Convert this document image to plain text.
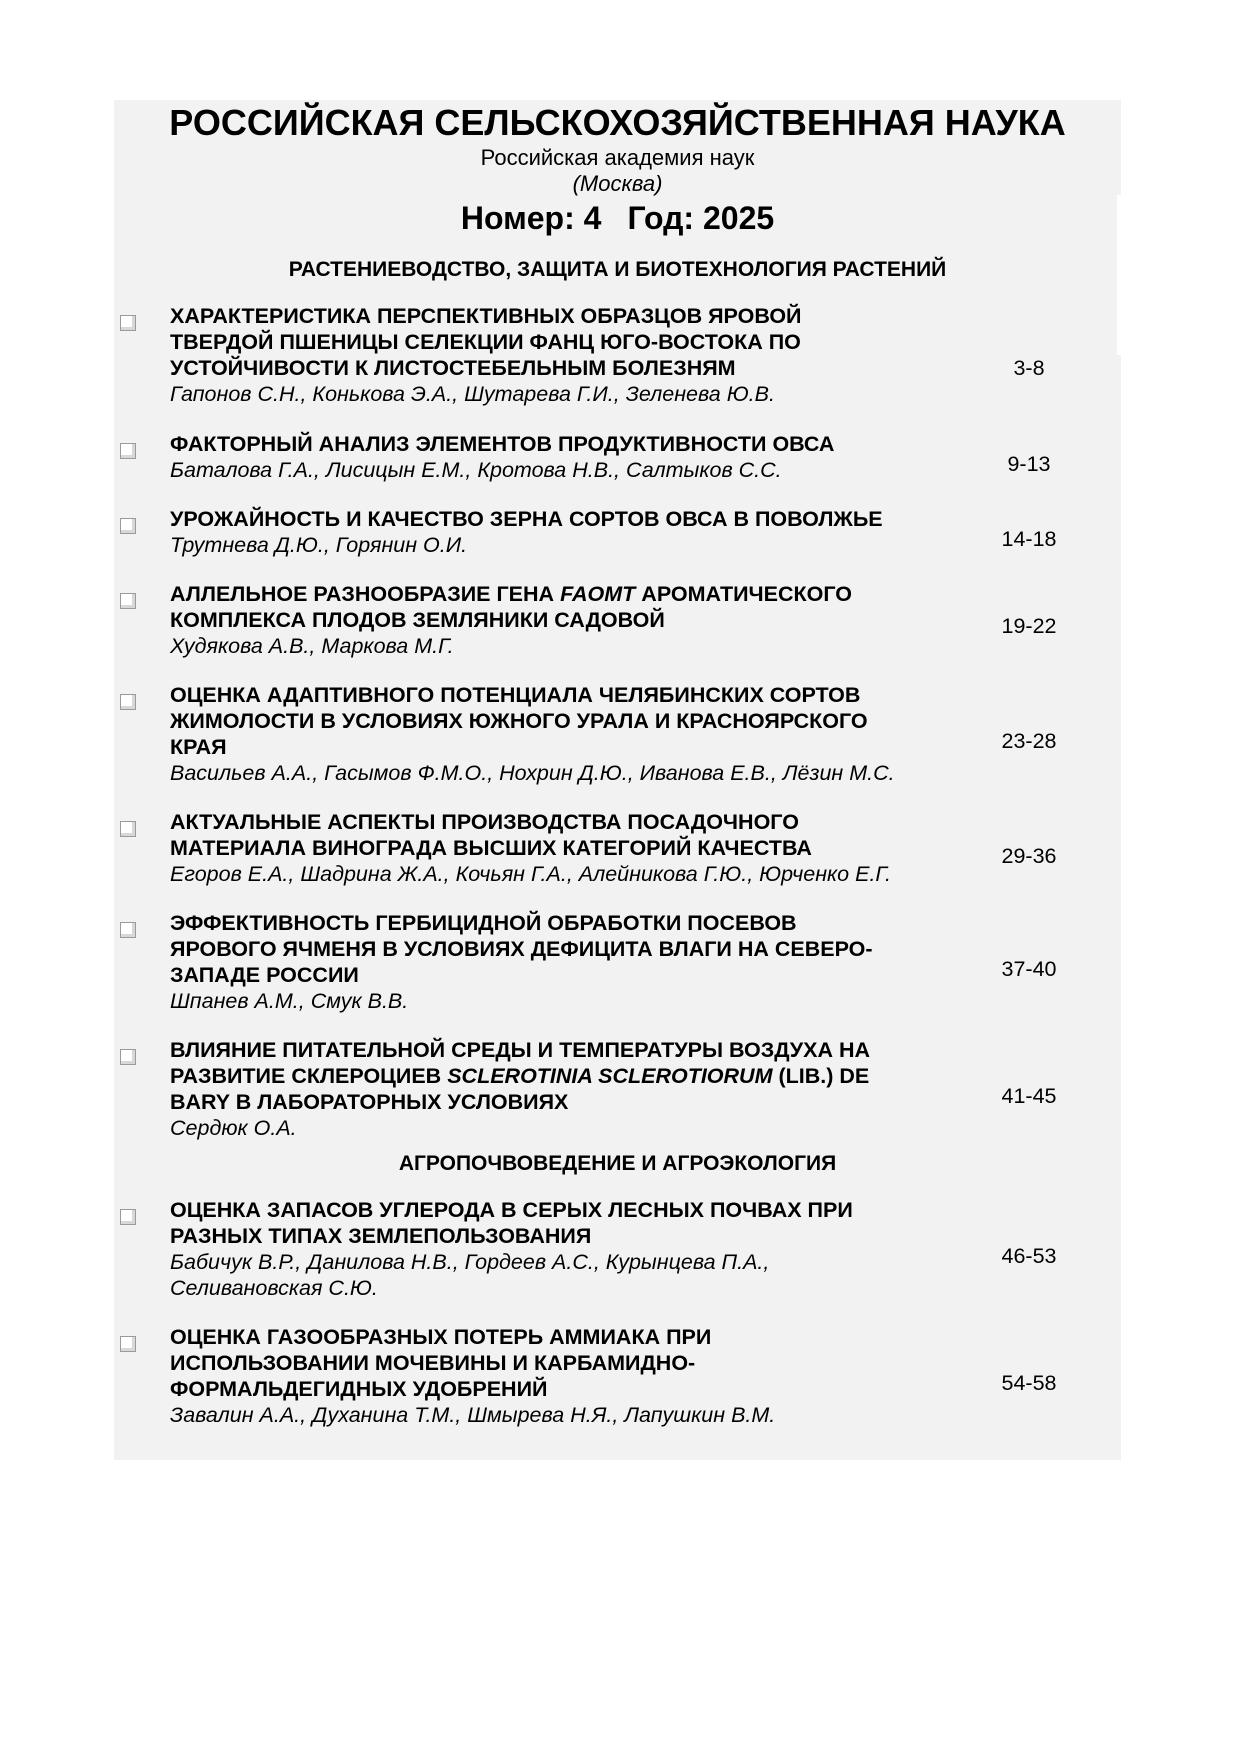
РОССИЙСКАЯ СЕЛЬСКОХОЗЯЙСТВЕННАЯ НАУКА
Российская академия наук
(Москва)
Номер: 4 Год: 2025
РАСТЕНИЕВОДСТВО, ЗАЩИТА И БИОТЕХНОЛОГИЯ РАСТЕНИЙ
ХАРАКТЕРИСТИКА ПЕРСПЕКТИВНЫХ ОБРАЗЦОВ ЯРОВОЙ
ТВЕРДОЙ ПШЕНИЦЫ СЕЛЕКЦИИ ФАНЦ ЮГО-ВОСТОКА ПО
УСТОЙЧИВОСТИ К ЛИСТОСТЕБЕЛЬНЫМ БОЛЕЗНЯМ
Гапонов С.Н., Конькова Э.А., Шутарева Г.И., Зеленева Ю.В.
3-8
ФАКТОРНЫЙ АНАЛИЗ ЭЛЕМЕНТОВ ПРОДУКТИВНОСТИ ОВСА
Баталова Г.А., Лисицын Е.М., Кротова Н.В., Салтыков С.С.	9-13
УРОЖАЙНОСТЬ И КАЧЕСТВО ЗЕРНА СОРТОВ ОВСА В ПОВОЛЖЬЕ
Трутнева Д.Ю., Горянин О.И.	14-18
АЛЛЕЛЬНОЕ РАЗНООБРАЗИЕ ГЕНА FAOMT АРОМАТИЧЕСКОГО
КОМПЛЕКСА ПЛОДОВ ЗЕМЛЯНИКИ САДОВОЙ
Худякова А.В., Маркова М.Г.
19-22
ОЦЕНКА АДАПТИВНОГО ПОТЕНЦИАЛА ЧЕЛЯБИНСКИХ СОРТОВ
ЖИМОЛОСТИ В УСЛОВИЯХ ЮЖНОГО УРАЛА И КРАСНОЯРСКОГО
КРАЯ
Васильев А.А., Гасымов Ф.М.О., Нохрин Д.Ю., Иванова Е.В., Лёзин М.С.
23-28
АКТУАЛЬНЫЕ АСПЕКТЫ ПРОИЗВОДСТВА ПОСАДОЧНОГО
МАТЕРИАЛА ВИНОГРАДА ВЫСШИХ КАТЕГОРИЙ КАЧЕСТВА
Егоров Е.А., Шадрина Ж.А., Кочьян Г.А., Алейникова Г.Ю., Юрченко Е.Г.
29-36
ЭФФЕКТИВНОСТЬ ГЕРБИЦИДНОЙ ОБРАБОТКИ ПОСЕВОВ
ЯРОВОГО ЯЧМЕНЯ В УСЛОВИЯХ ДЕФИЦИТА ВЛАГИ НА СЕВЕРО-
ЗАПАДЕ РОССИИ
Шпанев А.М., Смук В.В.
37-40
ВЛИЯНИЕ ПИТАТЕЛЬНОЙ СРЕДЫ И ТЕМПЕРАТУРЫ ВОЗДУХА НА
РАЗВИТИЕ СКЛЕРОЦИЕВ SCLEROTINIA SCLEROTIORUM (LIB.) DE
BARY В ЛАБОРАТОРНЫХ УСЛОВИЯХ
Сердюк О.А.
41-45
АГРОПОЧВОВЕДЕНИЕ И АГРОЭКОЛОГИЯ
ОЦЕНКА ЗАПАСОВ УГЛЕРОДА В СЕРЫХ ЛЕСНЫХ ПОЧВАХ ПРИ
РАЗНЫХ ТИПАХ ЗЕМЛЕПОЛЬЗОВАНИЯ
Бабичук В.Р., Данилова Н.В., Гордеев А.С., Курынцева П.А.,
Селивановская С.Ю.
46-53
ОЦЕНКА ГАЗООБРАЗНЫХ ПОТЕРЬ АММИАКА ПРИ
ИСПОЛЬЗОВАНИИ МОЧЕВИНЫ И КАРБАМИДНО-
ФОРМАЛЬДЕГИДНЫХ УДОБРЕНИЙ
Завалин А.А., Духанина Т.М., Шмырева Н.Я., Лапушкин В.М.
54-58
